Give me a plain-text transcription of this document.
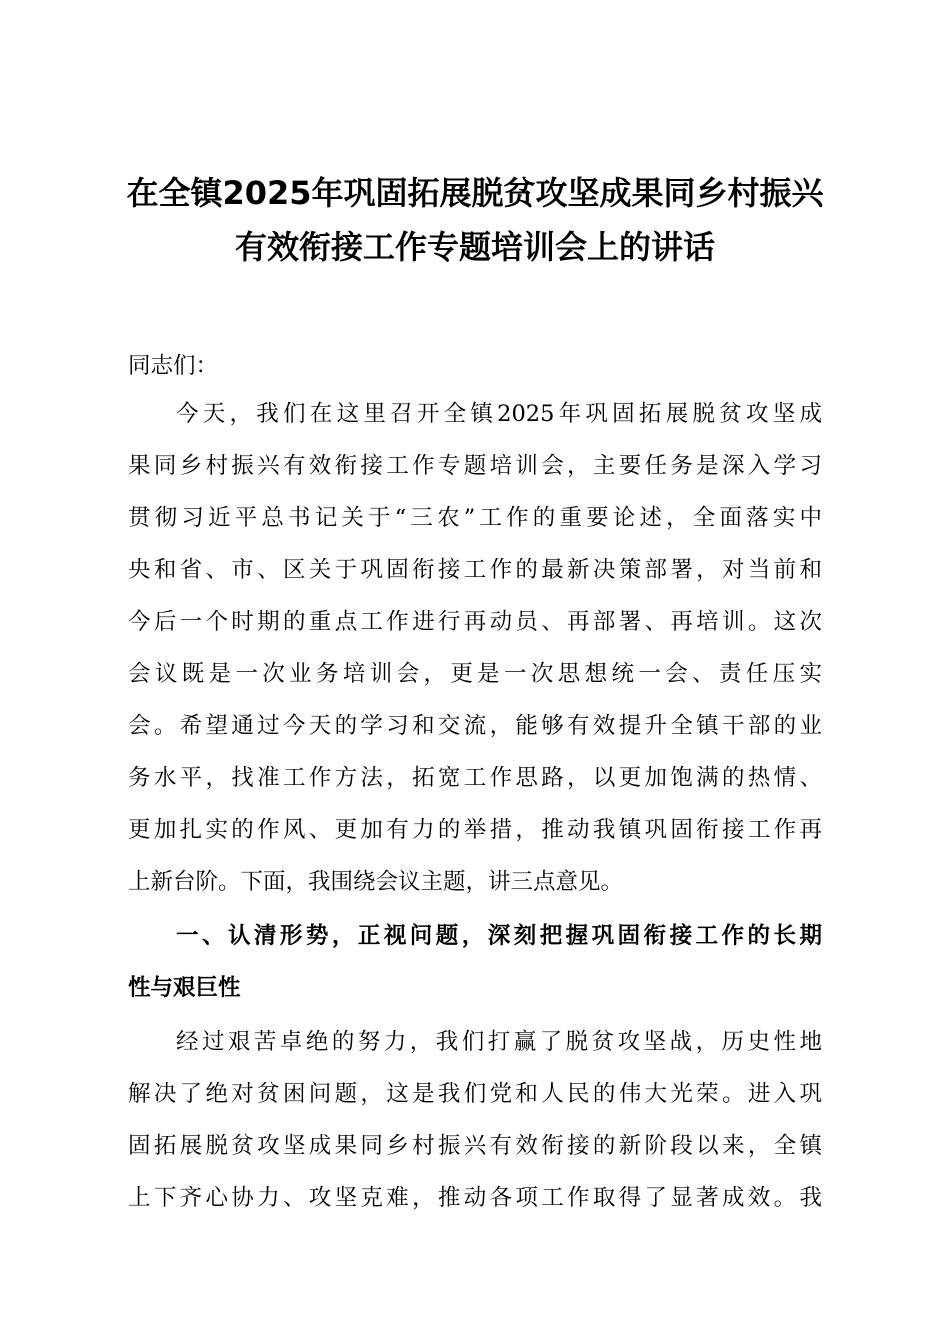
在全镇2025年巩固拓展脱贫攻坚成果同乡村振兴
有效衔接工作专题培训会上的讲话
同志们：
今天，我们在这里召开全镇2025年巩固拓展脱贫攻坚成
果同乡村振兴有效衔接工作专题培训会，主要任务是深入学习
贯彻习近平总书记关于“三农”工作的重要论述，全面落实中
央和省、市、区关于巩固衔接工作的最新决策部署，对当前和
今后一个时期的重点工作进行再动员、再部署、再培训。这次
会议既是一次业务培训会，更是一次思想统一会、责任压实
会。希望通过今天的学习和交流，能够有效提升全镇干部的业
务水平，找准工作方法，拓宽工作思路，以更加饱满的热情、
更加扎实的作风、更加有力的举措，推动我镇巩固衔接工作再
上新台阶。下面，我围绕会议主题，讲三点意见。
一、认清形势，正视问题，深刻把握巩固衔接工作的长期
性与艰巨性
经过艰苦卓绝的努力，我们打赢了脱贫攻坚战，历史性地
解决了绝对贫困问题，这是我们党和人民的伟大光荣。进入巩
固拓展脱贫攻坚成果同乡村振兴有效衔接的新阶段以来，全镇
上下齐心协力、攻坚克难，推动各项工作取得了显著成效。我
